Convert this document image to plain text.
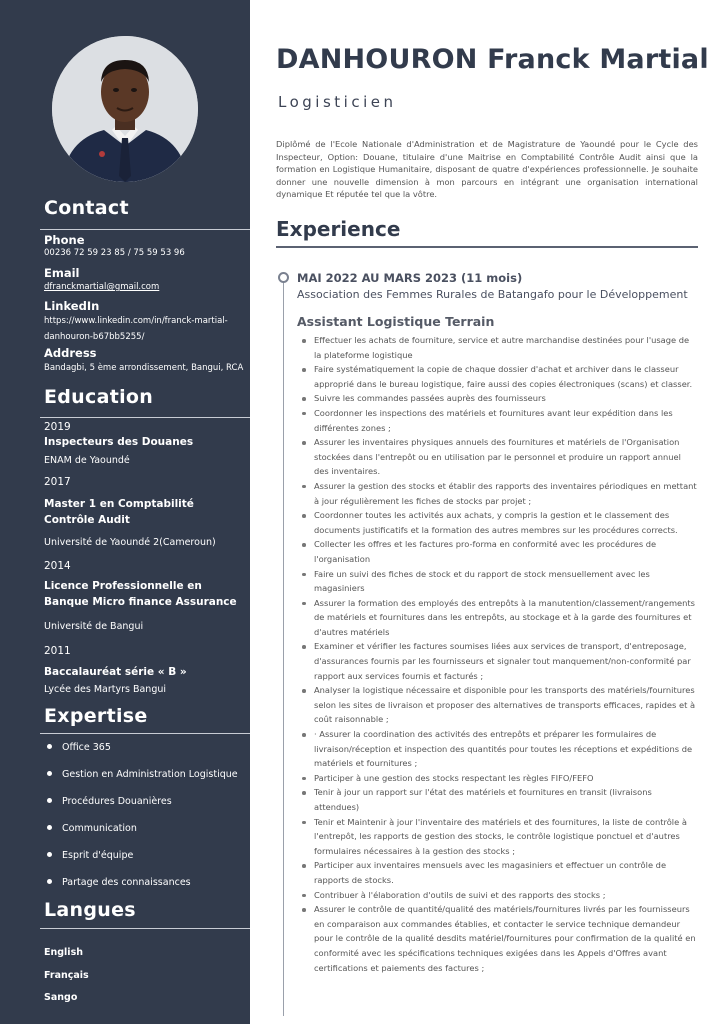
Contact
Phone
00236 72 59 23 85 / 75 59 53 96
Email
dfranckmartial@gmail.com
LinkedIn
https://www.linkedin.com/in/franck-martial-
danhouron-b67bb5255/
Address
Bandagbi, 5 ème arrondissement, Bangui, RCA
Education
2019
Inspecteurs des Douanes
ENAM de Yaoundé
2017
Master 1 en Comptabilité Contrôle Audit
Université de Yaoundé 2(Cameroun)
2014
Licence Professionnelle en Banque Micro finance Assurance
Université de Bangui
2011
Baccalauréat série « B »
Lycée des Martyrs Bangui
Expertise
Office 365
Gestion en Administration Logistique
Procédures Douanières
Communication
Esprit d'équipe
Partage des connaissances
Langues
English
Français
Sango
DANHOURON Franck Martial
Logisticien

Diplômé de l'Ecole Nationale d'Administration et de Magistrature de Yaoundé pour le Cycle des Inspecteur, Option: Douane, titulaire d'une Maitrise en Comptabilité Contrôle Audit ainsi que la formation en Logistique Humanitaire, disposant de quatre d'expériences professionnelle. Je souhaite donner une nouvelle dimension à mon parcours en intégrant une organisation international dynamique Et réputée tel que la vôtre.

Experience
MAI 2022 AU MARS 2023 (11 mois)
Association des Femmes Rurales de Batangafo pour le Développement
Assistant Logistique Terrain
Effectuer les achats de fourniture, service et autre marchandise destinées pour l'usage de la plateforme logistique
Faire systématiquement la copie de chaque dossier d'achat et archiver dans le classeur approprié dans le bureau logistique, faire aussi des copies électroniques (scans) et classer.
Suivre les commandes passées auprès des fournisseurs
Coordonner les inspections des matériels et fournitures avant leur expédition dans les différentes zones ;
Assurer les inventaires physiques annuels des fournitures et matériels de l'Organisation stockées dans l'entrepôt ou en utilisation par le personnel et produire un rapport annuel des inventaires.
Assurer la gestion des stocks et établir des rapports des inventaires périodiques en mettant à jour régulièrement les fiches de stocks par projet ;
Coordonner toutes les activités aux achats, y compris la gestion et le classement des documents justificatifs et la formation des autres membres sur les procédures corrects.
Collecter les offres et les factures pro-forma en conformité avec les procédures de l'organisation
Faire un suivi des fiches de stock et du rapport de stock mensuellement avec les magasiniers
Assurer la formation des employés des entrepôts à la manutention/classement/rangements de matériels et fournitures dans les entrepôts, au stockage et à la garde des fournitures et d'autres matériels
Examiner et vérifier les factures soumises liées aux services de transport, d'entreposage, d'assurances fournis par les fournisseurs et signaler tout manquement/non-conformité par rapport aux services fournis et facturés ;
Analyser la logistique nécessaire et disponible pour les transports des matériels/fournitures selon les sites de livraison et proposer des alternatives de transports efficaces, rapides et à coût raisonnable ;
· Assurer la coordination des activités des entrepôts et préparer les formulaires de livraison/réception et inspection des quantités pour toutes les réceptions et expéditions de matériels et fournitures ;
Participer à une gestion des stocks respectant les règles FIFO/FEFO
Tenir à jour un rapport sur l'état des matériels et fournitures en transit (livraisons attendues)
Tenir et Maintenir à jour l'inventaire des matériels et des fournitures, la liste de contrôle à l'entrepôt, les rapports de gestion des stocks, le contrôle logistique ponctuel et d'autres formulaires nécessaires à la gestion des stocks ;
Participer aux inventaires mensuels avec les magasiniers et effectuer un contrôle de rapports de stocks.
Contribuer à l'élaboration d'outils de suivi et des rapports des stocks ;
Assurer le contrôle de quantité/qualité des matériels/fournitures livrés par les fournisseurs en comparaison aux commandes établies, et contacter le service technique demandeur pour le contrôle de la qualité desdits matériel/fournitures pour confirmation de la qualité en conformité avec les spécifications techniques exigées dans les Appels d'Offres avant certifications et paiements des factures ;
